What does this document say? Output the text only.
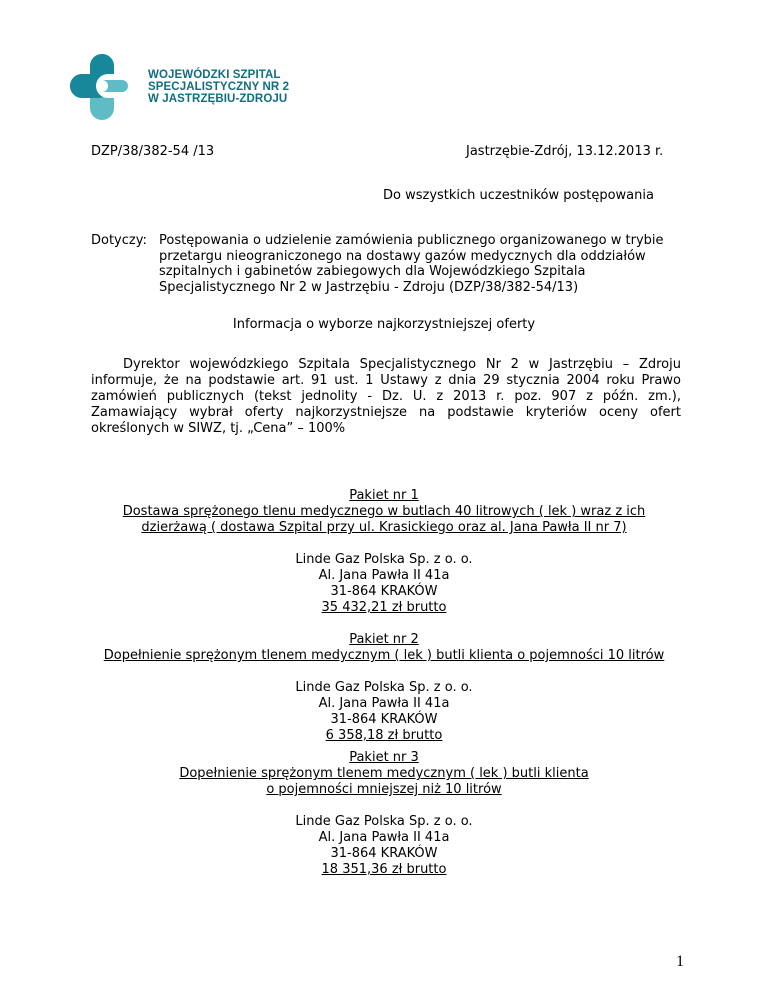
WOJEWÓDZKI SZPITAL
SPECJALISTYCZNY NR 2
W JASTRZĘBIU-ZDROJU
DZP/38/382-54 /13	Jastrzębie-Zdrój, 13.12.2013 r.
Do wszystkich uczestników postępowania
Dotyczy: Postępowania o udzielenie zamówienia publicznego organizowanego w trybie
przetargu nieograniczonego na dostawy gazów medycznych dla oddziałów
szpitalnych i gabinetów zabiegowych dla Wojewódzkiego Szpitala
Specjalistycznego Nr 2 w Jastrzębiu - Zdroju (DZP/38/382-54/13)
Informacja o wyborze najkorzystniejszej oferty

Dyrektor wojewódzkiego Szpitala Specjalistycznego Nr 2 w Jastrzębiu – Zdroju informuje, że na podstawie art. 91 ust. 1 Ustawy z dnia 29 stycznia 2004 roku Prawo zamówień publicznych (tekst jednolity - Dz. U. z 2013 r. poz. 907 z późn. zm.), Zamawiający wybrał oferty najkorzystniejsze na podstawie kryteriów oceny ofert określonych w SIWZ, tj. „Cena” – 100%

Pakiet nr 1
Dostawa sprężonego tlenu medycznego w butlach 40 litrowych ( lek ) wraz z ich
dzierżawą ( dostawa Szpital przy ul. Krasickiego oraz al. Jana Pawła II nr 7)
Linde Gaz Polska Sp. z o. o.
Al. Jana Pawła II 41a
31-864 KRAKÓW
35 432,21 zł brutto
Pakiet nr 2
Dopełnienie sprężonym tlenem medycznym ( lek ) butli klienta o pojemności 10 litrów
Linde Gaz Polska Sp. z o. o.
Al. Jana Pawła II 41a
31-864 KRAKÓW
6 358,18 zł brutto
Pakiet nr 3
Dopełnienie sprężonym tlenem medycznym ( lek ) butli klienta
o pojemności mniejszej niż 10 litrów
Linde Gaz Polska Sp. z o. o.
Al. Jana Pawła II 41a
31-864 KRAKÓW
18 351,36 zł brutto
1
